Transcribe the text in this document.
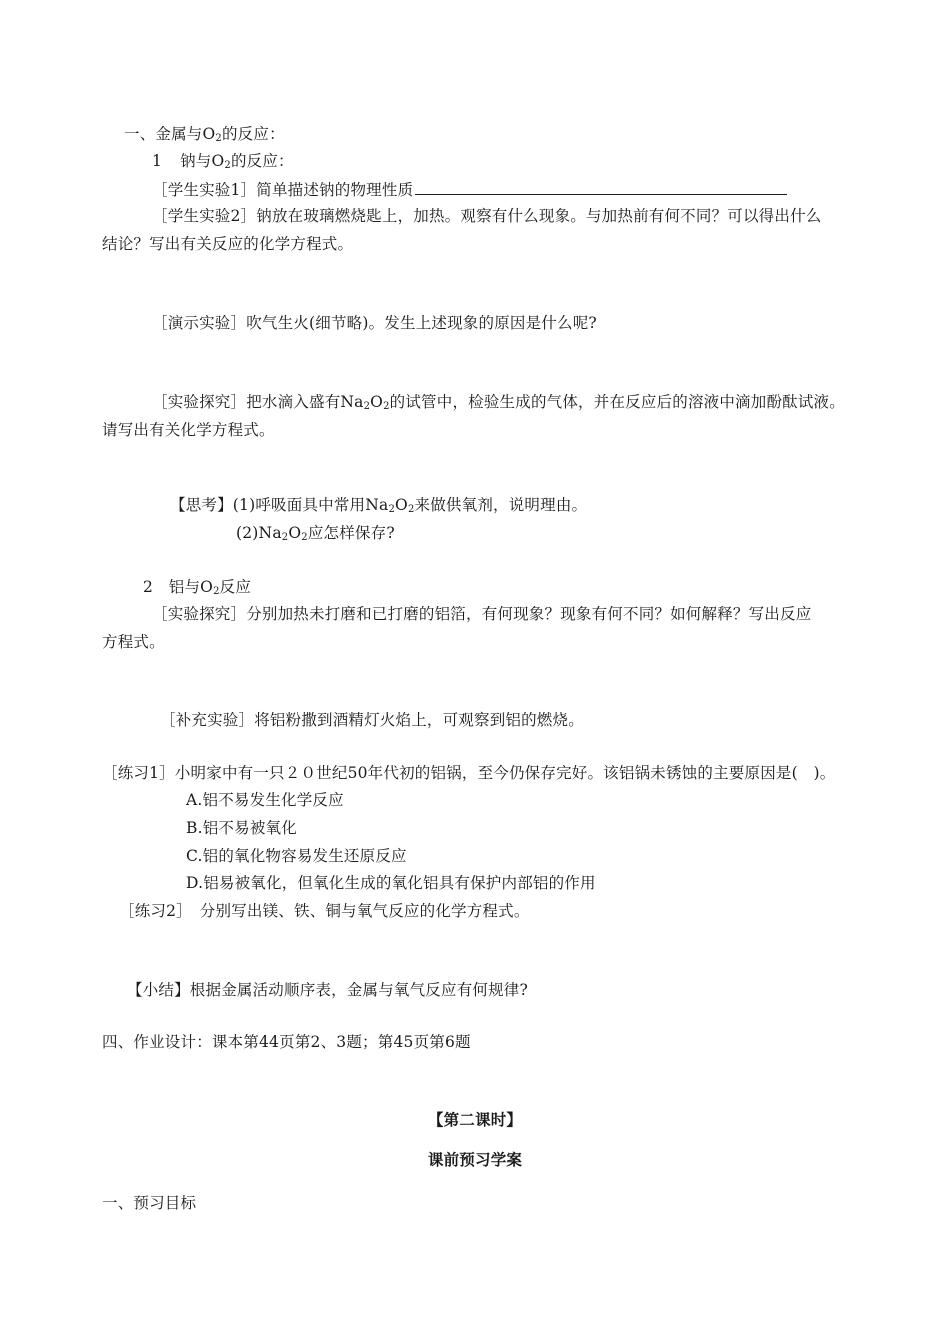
一、金属与$O_2$的反应：
1 钠与$O_2$的反应：
［学生实验1］简单描述钠的物理性质
［学生实验2］钠放在玻璃燃烧匙上，加热。观察有什么现象。与加热前有何不同？可以得出什么
结论？写出有关反应的化学方程式。
［演示实验］吹气生火(细节略)。发生上述现象的原因是什么呢?
［实验探究］把水滴入盛有$Na_2O_2$的试管中，检验生成的气体，并在反应后的溶液中滴加酚酞试液。
请写出有关化学方程式。
【思考】(1)呼吸面具中常用$Na_2O_2$来做供氧剂，说明理由。
$(2)Na_2O_2$应怎样保存?
2　铝与$O_2$反应
［实验探究］分别加热未打磨和已打磨的铝箔，有何现象？现象有何不同？如何解释？写出反应
方程式。
［补充实验］将铝粉撒到酒精灯火焰上，可观察到铝的燃烧。
［练习1］小明家中有一只２０世纪50年代初的铝锅，至今仍保存完好。该铝锅未锈蚀的主要原因是(　)。
A.铝不易发生化学反应
B.铝不易被氧化
C.铝的氧化物容易发生还原反应
D.铝易被氧化，但氧化生成的氧化铝具有保护内部铝的作用
［练习2］　分别写出镁、铁、铜与氧气反应的化学方程式。
【小结】根据金属活动顺序表，金属与氧气反应有何规律?
四、作业设计：课本第44页第2、3题；第45页第6题
【第二课时】
课前预习学案
一、预习目标
